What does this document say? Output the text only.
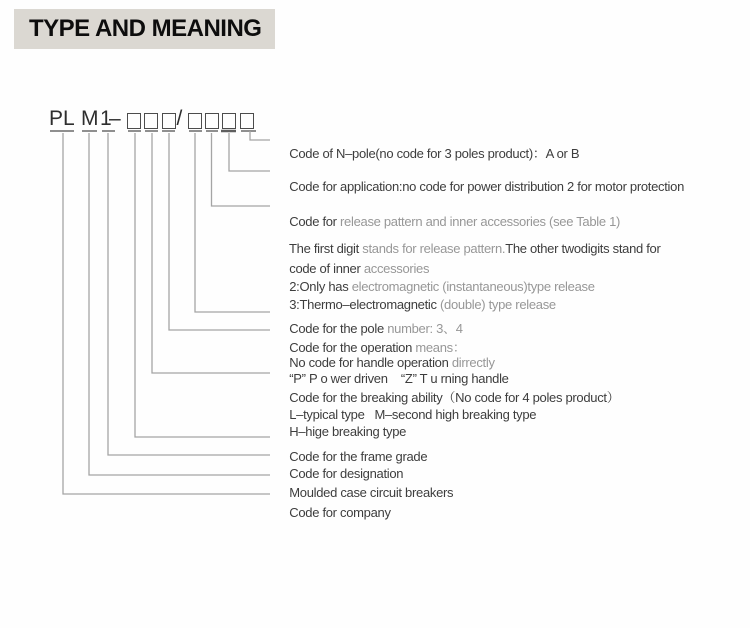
TYPE AND MEANING
PL M 1
–	/

Code of N–pole(no code for 3 poles product)：A or B

Code for application:no code for power distribution 2 for motor protection

Code for release pattern and inner accessories (see Table 1)

The first digit stands for release pattern.The other twodigits stand for

code of inner accessories

2:Only has electromagnetic (instantaneous)type release

3:Thermo–electromagnetic (double) type release

Code for the pole number: 3、4

Code for the operation means：

No code for handle operation dirrectly

“P” P o wer driven    “Z” T u rning handle

Code for the breaking ability（No code for 4 poles product）

L–typical type   M–second high breaking type

H–hige breaking type

Code for the frame grade

Code for designation

Moulded case circuit breakers

Code for company
